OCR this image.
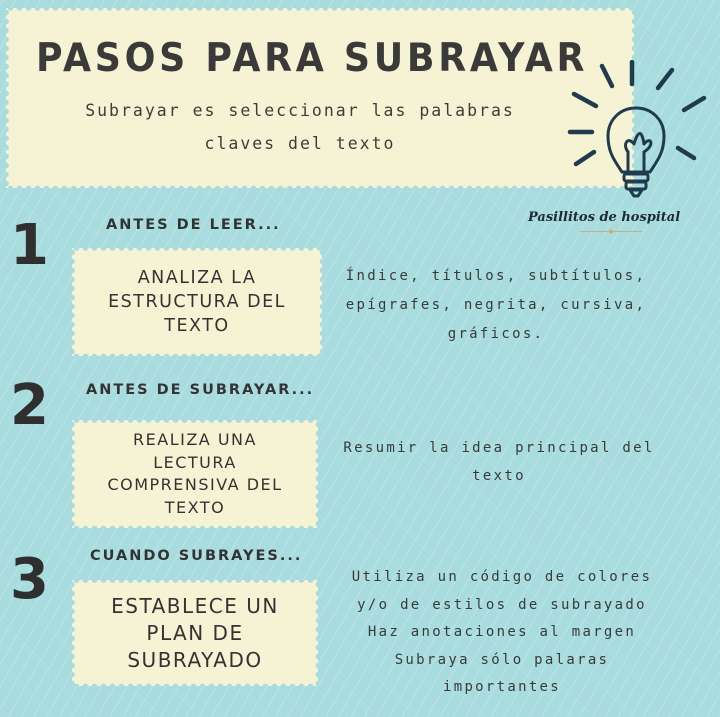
PASOS PARA SUBRAYAR
Subrayar es seleccionar las palabras
claves del texto
Pasillitos de hospital
1	ANTES DE LEER...
ANALIZA LA
ESTRUCTURA DEL
TEXTO
Índice, títulos, subtítulos,
epígrafes, negrita, cursiva,
gráficos.
2	ANTES DE SUBRAYAR...
REALIZA UNA
LECTURA
COMPRENSIVA DEL
TEXTO
Resumir la idea principal del
texto
3	CUANDO SUBRAYES...
ESTABLECE UN
PLAN DE
SUBRAYADO
Utiliza un código de colores
y/o de estilos de subrayado
Haz anotaciones al margen
Subraya sólo palaras
importantes
